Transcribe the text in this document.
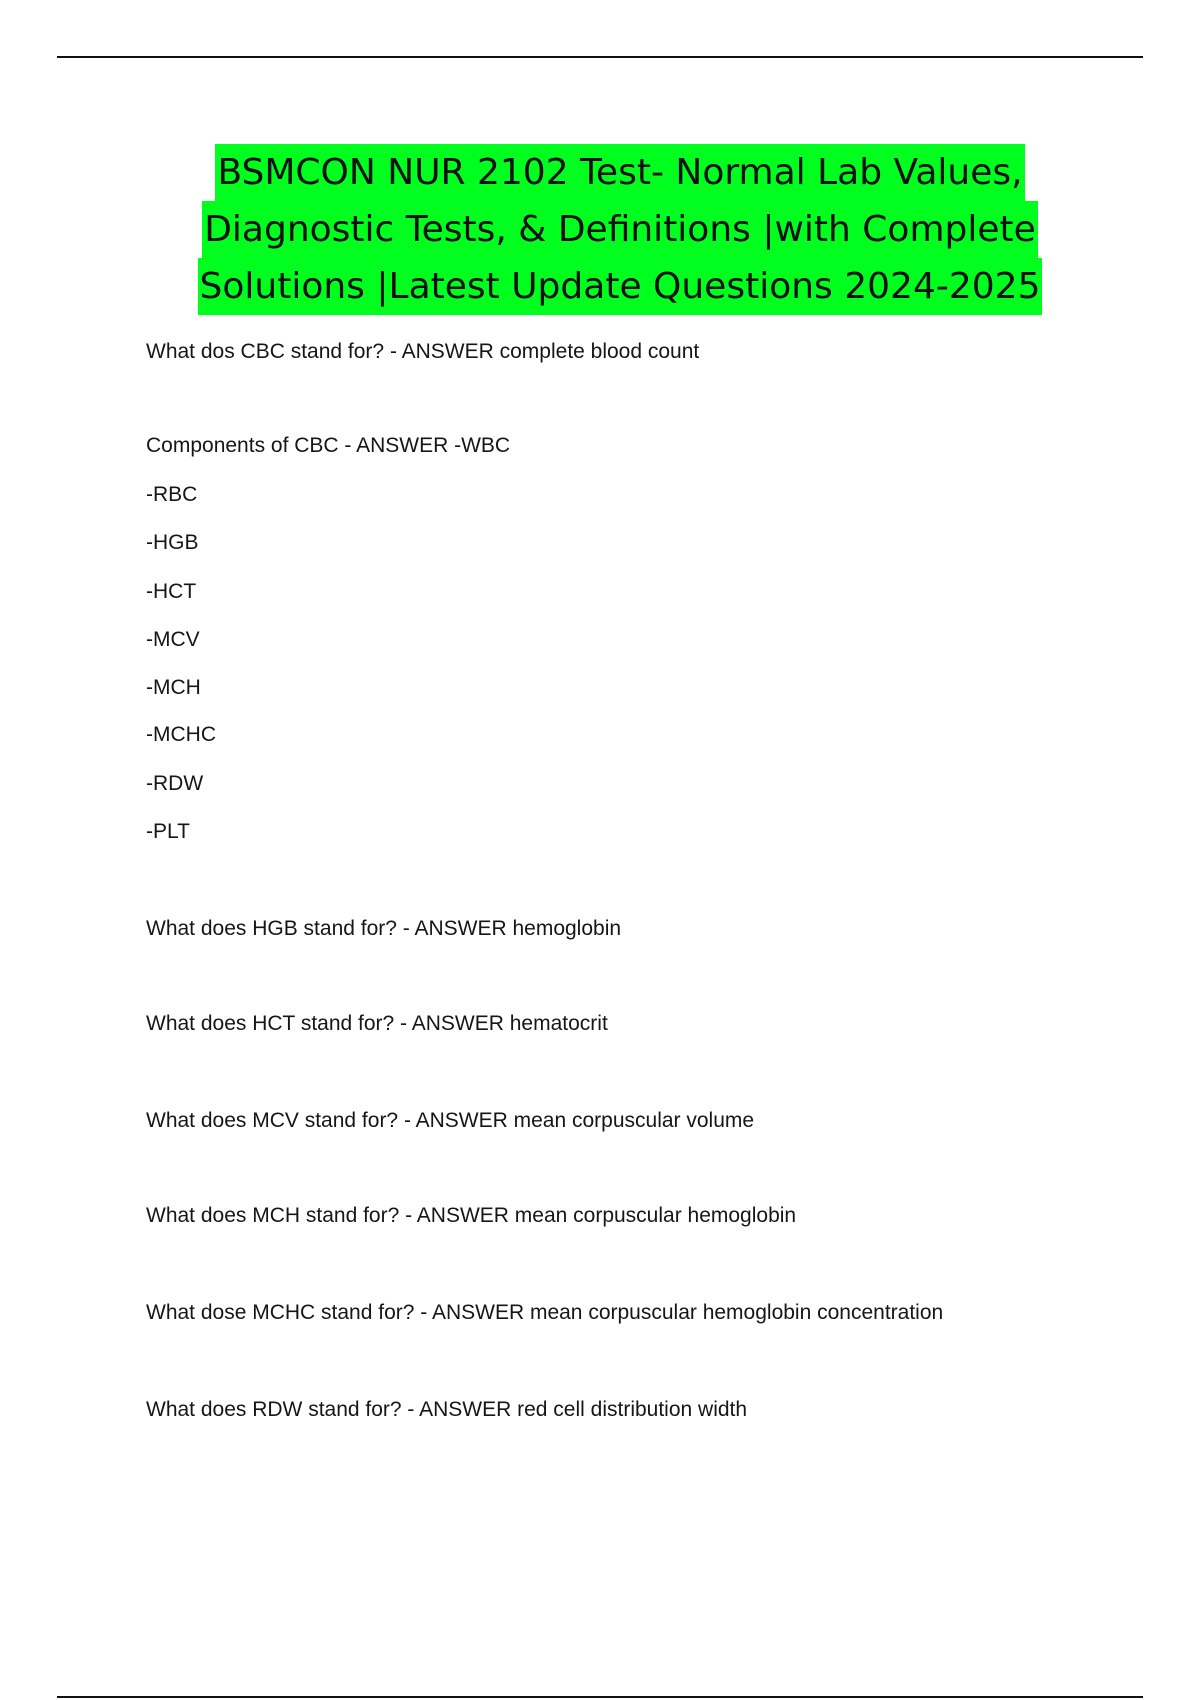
BSMCON NUR 2102 Test- Normal Lab Values,
Diagnostic Tests, & Definitions |with Complete
Solutions |Latest Update Questions 2024-2025
What dos CBC stand for? - ANSWER complete blood count
Components of CBC - ANSWER -WBC
-RBC
-HGB
-HCT
-MCV
-MCH
-MCHC
-RDW
-PLT
What does HGB stand for? - ANSWER hemoglobin
What does HCT stand for? - ANSWER hematocrit
What does MCV stand for? - ANSWER mean corpuscular volume
What does MCH stand for? - ANSWER mean corpuscular hemoglobin
What dose MCHC stand for? - ANSWER mean corpuscular hemoglobin concentration
What does RDW stand for? - ANSWER red cell distribution width
